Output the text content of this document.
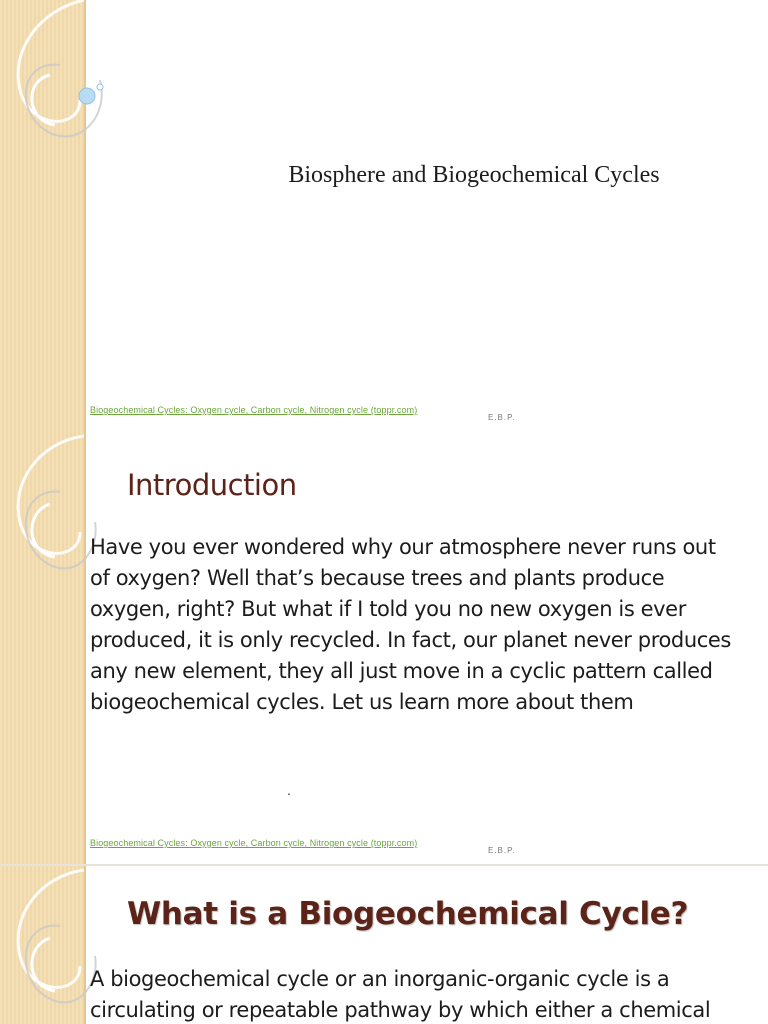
Biosphere and Biogeochemical Cycles
Biogeochemical Cycles: Oxygen cycle, Carbon cycle, Nitrogen cycle (toppr.com)
E.B.P.
Introduction

Have you ever wondered why our atmosphere never runs out of oxygen? Well that’s because trees and plants produce oxygen, right? But what if I told you no new oxygen is ever produced, it is only recycled. In fact, our planet never produces any new element, they all just move in a cyclic pattern called biogeochemical cycles. Let us learn more about them

.
Biogeochemical Cycles: Oxygen cycle, Carbon cycle, Nitrogen cycle (toppr.com)
E.B.P.
What is a Biogeochemical Cycle?

A biogeochemical cycle or an inorganic-organic cycle is a circulating or repeatable pathway by which either a chemical
